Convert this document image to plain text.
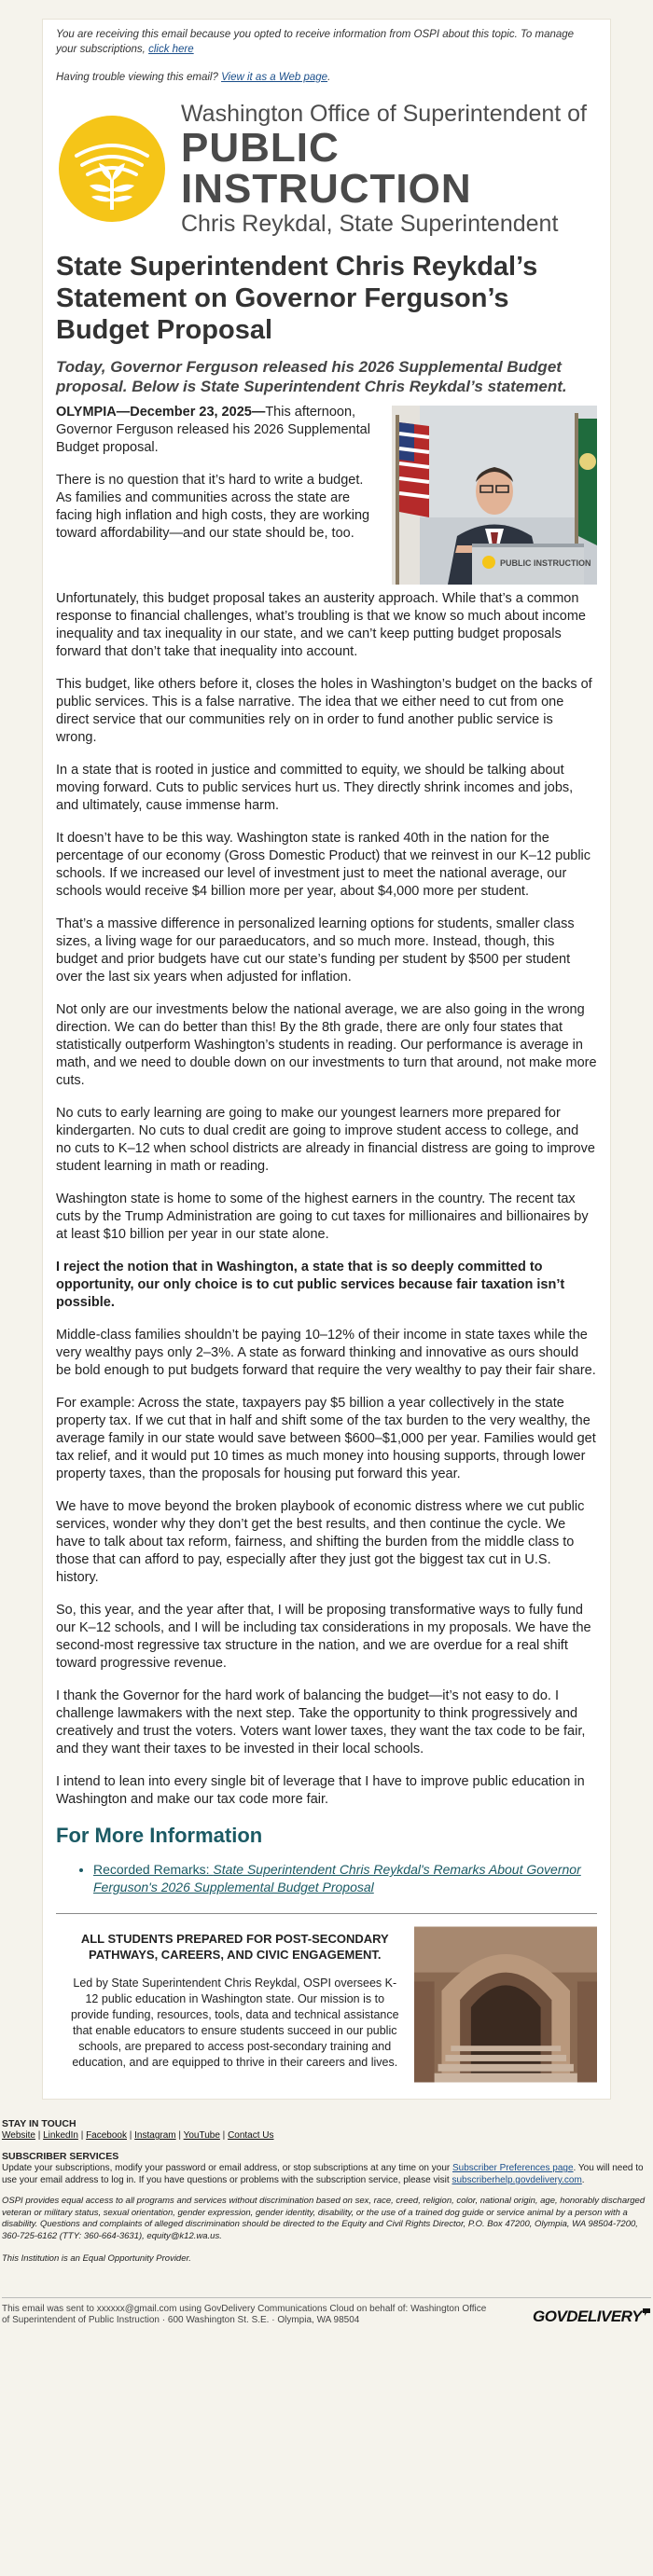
You are receiving this email because you opted to receive information from OSPI about this topic. To manage your subscriptions, click here
Having trouble viewing this email? View it as a Web page.
Washington Office of Superintendent of
PUBLIC INSTRUCTION
Chris Reykdal, State Superintendent
State Superintendent Chris Reykdal’s Statement on Governor Ferguson’s Budget Proposal
Today, Governor Ferguson released his 2026 Supplemental Budget proposal. Below is State Superintendent Chris Reykdal’s statement.
PUBLIC INSTRUCTION

OLYMPIA—December 23, 2025—This afternoon, Governor Ferguson released his 2026 Supplemental Budget proposal.

There is no question that it’s hard to write a budget. As families and communities across the state are facing high inflation and high costs, they are working toward affordability—and our state should be, too.

Unfortunately, this budget proposal takes an austerity approach. While that’s a common response to financial challenges, what’s troubling is that we know so much about income inequality and tax inequality in our state, and we can’t keep putting budget proposals forward that don’t take that inequality into account.

This budget, like others before it, closes the holes in Washington’s budget on the backs of public services. This is a false narrative. The idea that we either need to cut from one direct service that our communities rely on in order to fund another public service is wrong.

In a state that is rooted in justice and committed to equity, we should be talking about moving forward. Cuts to public services hurt us. They directly shrink incomes and jobs, and ultimately, cause immense harm.

It doesn’t have to be this way. Washington state is ranked 40th in the nation for the percentage of our economy (Gross Domestic Product) that we reinvest in our K–12 public schools. If we increased our level of investment just to meet the national average, our schools would receive $4 billion more per year, about $4,000 more per student.

That’s a massive difference in personalized learning options for students, smaller class sizes, a living wage for our paraeducators, and so much more. Instead, though, this budget and prior budgets have cut our state’s funding per student by $500 per student over the last six years when adjusted for inflation.

Not only are our investments below the national average, we are also going in the wrong direction. We can do better than this! By the 8th grade, there are only four states that statistically outperform Washington’s students in reading. Our performance is average in math, and we need to double down on our investments to turn that around, not make more cuts.

No cuts to early learning are going to make our youngest learners more prepared for kindergarten. No cuts to dual credit are going to improve student access to college, and no cuts to K–12 when school districts are already in financial distress are going to improve student learning in math or reading.

Washington state is home to some of the highest earners in the country. The recent tax cuts by the Trump Administration are going to cut taxes for millionaires and billionaires by at least $10 billion per year in our state alone.

I reject the notion that in Washington, a state that is so deeply committed to opportunity, our only choice is to cut public services because fair taxation isn’t possible.

Middle-class families shouldn’t be paying 10–12% of their income in state taxes while the very wealthy pays only 2–3%. A state as forward thinking and innovative as ours should be bold enough to put budgets forward that require the very wealthy to pay their fair share.

For example: Across the state, taxpayers pay $5 billion a year collectively in the state property tax. If we cut that in half and shift some of the tax burden to the very wealthy, the average family in our state would save between $600–$1,000 per year. Families would get tax relief, and it would put 10 times as much money into housing supports, through lower property taxes, than the proposals for housing put forward this year.

We have to move beyond the broken playbook of economic distress where we cut public services, wonder why they don’t get the best results, and then continue the cycle. We have to talk about tax reform, fairness, and shifting the burden from the middle class to those that can afford to pay, especially after they just got the biggest tax cut in U.S. history.

So, this year, and the year after that, I will be proposing transformative ways to fully fund our K–12 schools, and I will be including tax considerations in my proposals. We have the second-most regressive tax structure in the nation, and we are overdue for a real shift toward progressive revenue.

I thank the Governor for the hard work of balancing the budget—it’s not easy to do. I challenge lawmakers with the next step. Take the opportunity to think progressively and creatively and trust the voters. Voters want lower taxes, they want the tax code to be fair, and they want their taxes to be invested in their local schools.

I intend to lean into every single bit of leverage that I have to improve public education in Washington and make our tax code more fair.

For More Information
• Recorded Remarks: State Superintendent Chris Reykdal's Remarks About Governor Ferguson's 2026 Supplemental Budget Proposal
ALL STUDENTS PREPARED FOR POST-SECONDARY PATHWAYS, CAREERS, AND CIVIC ENGAGEMENT.

Led by State Superintendent Chris Reykdal, OSPI oversees K-12 public education in Washington state. Our mission is to provide funding, resources, tools, data and technical assistance that enable educators to ensure students succeed in our public schools, are prepared to access post-secondary training and education, and are equipped to thrive in their careers and lives.

STAY IN TOUCH
Website | LinkedIn | Facebook | Instagram | YouTube | Contact Us
SUBSCRIBER SERVICES
Update your subscriptions, modify your password or email address, or stop subscriptions at any time on your Subscriber Preferences page. You will need to use your email address to log in. If you have questions or problems with the subscription service, please visit subscriberhelp.govdelivery.com.
OSPI provides equal access to all programs and services without discrimination based on sex, race, creed, religion, color, national origin, age, honorably discharged veteran or military status, sexual orientation, gender expression, gender identity, disability, or the use of a trained dog guide or service animal by a person with a disability. Questions and complaints of alleged discrimination should be directed to the Equity and Civil Rights Director, P.O. Box 47200, Olympia, WA 98504-7200, 360-725-6162 (TTY: 360-664-3631), equity@k12.wa.us.
This Institution is an Equal Opportunity Provider.
This email was sent to xxxxxx@gmail.com using GovDelivery Communications Cloud on behalf of: Washington Office of Superintendent of Public Instruction · 600 Washington St. S.E. · Olympia, WA 98504	GOVDELIVERY
